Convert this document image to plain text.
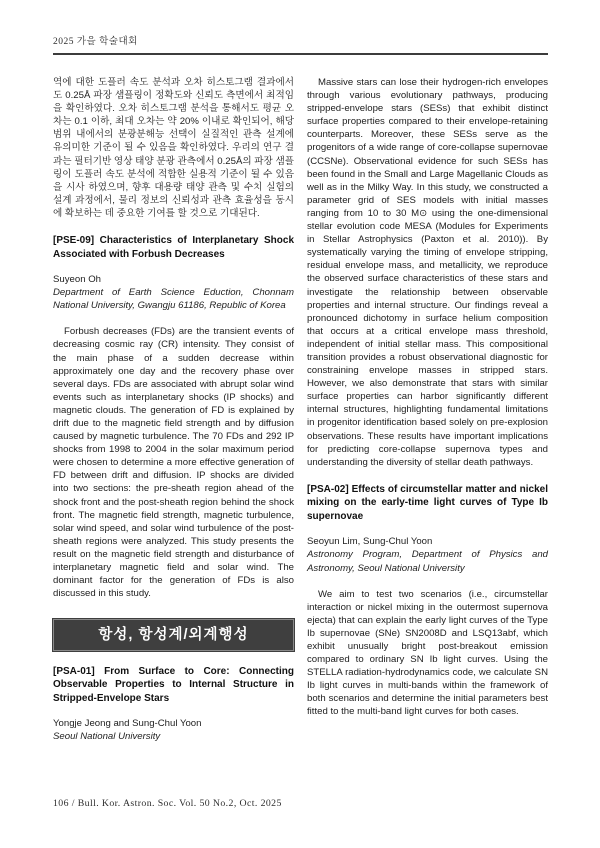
2025 가을 학술대회

역에 대한 도플러 속도 분석과 오차 히스토그램 결과에서도 0.25Å 파장 샘플링이 정확도와 신뢰도 측면에서 최적임을 확인하였다. 오차 히스토그램 분석을 통해서도 평균 오차는 0.1 이하, 최대 오차는 약 20% 이내로 확인되어, 해당 범위 내에서의 분광분해능 선택이 실질적인 관측 설계에 유의미한 기준이 될 수 있음을 확인하였다. 우리의 연구 결과는 필터기반 영상 태양 분광 관측에서 0.25Å의 파장 샘플링이 도플러 속도 분석에 적합한 실용적 기준이 될 수 있음을 시사 하였으며, 향후 대용량 태양 관측 및 수치 실험의 설계 과정에서, 물리 정보의 신뢰성과 관측 효율성을 동시에 확보하는 데 중요한 기여를 할 것으로 기대된다.

[PSE-09] Characteristics of Interplanetary Shock Associated with Forbush Decreases

Suyeon Oh

Department of Earth Science Eduction, Chonnam National University, Gwangju 61186, Republic of Korea

Forbush decreases (FDs) are the transient events of decreasing cosmic ray (CR) intensity. They consist of the main phase of a sudden decrease within approximately one day and the recovery phase over several days. FDs are associated with abrupt solar wind events such as interplanetary shocks (IP shocks) and magnetic clouds. The generation of FD is explained by drift due to the magnetic field strength and by diffusion caused by magnetic turbulence. The 70 FDs and 292 IP shocks from 1998 to 2004 in the solar maximum period were chosen to determine a more effective generation of FD between drift and diffusion. IP shocks are divided into two sections: the pre-sheath region ahead of the shock front and the post-sheath region behind the shock front. The magnetic field strength, magnetic turbulence, solar wind speed, and solar wind turbulence of the post-sheath regions were analyzed. This study presents the result on the magnetic field strength and disturbance of interplanetary magnetic field and solar wind. The dominant factor for the generation of FDs is also discussed in this study.

항성, 항성계/외계행성
[PSA-01] From Surface to Core: Connecting Observable Properties to Internal Structure in Stripped-Envelope Stars

Yongje Jeong and Sung-Chul Yoon

Seoul National University

Massive stars can lose their hydrogen-rich envelopes through various evolutionary pathways, producing stripped-envelope stars (SESs) that exhibit distinct surface properties compared to their envelope-retaining counterparts. Moreover, these SESs serve as the progenitors of a wide range of core-collapse supernovae (CCSNe). Observational evidence for such SESs has been found in the Small and Large Magellanic Clouds as well as in the Milky Way. In this study, we constructed a parameter grid of SES models with initial masses ranging from 10 to 30 M⊙ using the one-dimensional stellar evolution code MESA (Modules for Experiments in Stellar Astrophysics (Paxton et al. 2010)). By systematically varying the timing of envelope stripping, residual envelope mass, and metallicity, we reproduce the observed surface characteristics of these stars and investigate the relationship between observable properties and internal structure. Our findings reveal a pronounced dichotomy in surface helium composition that occurs at a critical envelope mass threshold, independent of initial stellar mass. This compositional transition provides a robust observational diagnostic for constraining envelope masses in stripped stars. However, we also demonstrate that stars with similar surface properties can harbor significantly different internal structures, highlighting fundamental limitations in progenitor identification based solely on pre-explosion observations. These results have important implications for predicting core-collapse supernova types and understanding the diversity of stellar death pathways.

[PSA-02] Effects of circumstellar matter and nickel mixing on the early-time light curves of Type Ib supernovae

Seoyun Lim, Sung-Chul Yoon

Astronomy Program, Department of Physics and Astronomy, Seoul National University

We aim to test two scenarios (i.e., circumstellar interaction or nickel mixing in the outermost supernova ejecta) that can explain the early light curves of the Type Ib supernovae (SNe) SN2008D and LSQ13abf, which exhibit unusually bright post-breakout emission compared to ordinary SN Ib light curves. Using the STELLA radiation-hydrodynamics code, we calculate SN Ib light curves in multi-bands within the framework of both scenarios and determine the initial parameters best fitted to the multi-band light curves for both cases.

106 / Bull. Kor. Astron. Soc. Vol. 50 No.2, Oct. 2025
